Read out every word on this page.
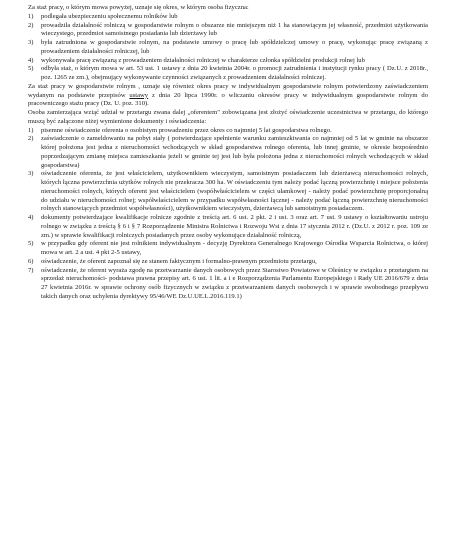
Za staż pracy, o którym mowa powyżej, uznaje się okres, w którym osoba fizyczna:

1)	podlegała ubezpieczeniu społecznemu rolników lub
2)	prowadziła działalność rolniczą w gospodarstwie rolnym o obszarze nie mniejszym niż 1 ha stanowiącym jej własność, przedmiot użytkowania wieczystego, przedmiot samoistnego posiadania lub dzierżawy lub
3)	była zatrudniona w gospodarstwie rolnym, na podstawie umowy o pracę lub spółdzielczej umowy o pracę, wykonując pracę związaną z prowadzeniem działalności rolniczej, lub
4)	wykonywała pracę związaną z prowadzeniem działalności rolniczej w charakterze członka spółdzielni produkcji rolnej lub
5)	odbyła staż, o którym mowa w art. 53 ust. 1 ustawy z dnia 20 kwietnia 2004r. o promocji zatrudnienia i instytucji rynku pracy ( Dz.U. z 2018r., poz. 1265 ze zm.), obejmujący wykonywanie czynności związanych z prowadzeniem działalności rolniczej.

Za staż pracy w gospodarstwie rolnym , uznaje się również okres pracy w indywidualnym gospodarstwie rolnym potwierdzony zaświadczeniem wydanym na podstawie przepisów ustawy z dnia 20 lipca 1990r. o wliczaniu okresów pracy w indywidualnym gospodarstwie rolnym do pracowniczego stażu pracy (Dz. U. poz. 310).

Osoba zamierzająca wziąć udział w przetargu zwana dalej „oferentem" zobowiązana jest złożyć oświadczenie uczestnictwa w przetargu, do którego muszą być załączone niżej wymienione dokumenty i oświadczenia:

1)	pisemne oświadczenie oferenta o osobistym prowadzeniu przez okres co najmniej 5 lat gospodarstwa rolnego.
2)	zaświadczenie o zameldowaniu na pobyt stały ( potwierdzające spełnienie warunku zamieszkiwania co najmniej od 5 lat w gminie na obszarze której położona jest jedna z nieruchomości wchodzących w skład gospodarstwa rolnego oferenta, lub innej gminie, w okresie bezpośrednio poprzedzającym zmianę miejsca zamieszkania jeżeli w gminie tej jest lub była położona jedna z nieruchomości rolnych wchodzących w skład gospodarstwa)
3)	oświadczenie oferenta, że jest właścicielem, użytkownikiem wieczystym, samoistnym posiadaczem lub dzierżawcą nieruchomości rolnych, których łączna powierzchnia użytków rolnych nie przekracza 300 ha. W oświadczeniu tym należy podać łączną powierzchnię i miejsce położenia nieruchomości rolnych, których oferent jest właścicielem (współwłaścicielem w części ułamkowej - należy podać powierzchnię proporcjonalną do udziału w nieruchomości rolnej; współwłaścicielem w przypadku współwłasności łącznej - należy podać łączną powierzchnię nieruchomości rolnych stanowiących przedmiot współwłasności), użytkownikiem wieczystym, dzierżawcą lub samoistnym posiadaczem.
4)	dokumenty potwierdzające kwalifikacje rolnicze zgodnie z treścią art. 6 ust. 2 pkt. 2 i ust. 3 oraz art. 7 ust. 9 ustawy o kształtowaniu ustroju rolnego w związku z treścią § 6 i § 7 Rozporządzenie Ministra Rolnictwa i Rozwoju Wsi z dnia 17 stycznia 2012 r. (Dz.U. z 2012 r. poz. 109 ze zm.) w sprawie kwalifikacji rolniczych posiadanych przez osoby wykonujące działalność rolniczą,
5)	w przypadku gdy oferent nie jest rolnikiem indywidualnym - decyzję Dyrektora Generalnego Krajowego Ośrodka Wsparcia Rolnictwa, o której mowa w art. 2 a ust. 4 pkt 2-5 ustawy,
6)	oświadczenie, że oferent zapoznał się ze stanem faktycznym i formalno-prawnym przedmiotu przetargu,
7)	oświadczenie, że oferent wyraża zgodę na przetwarzanie danych osobowych przez Starostwo Powiatowe w Oleśnicy w związku z przetargiem na sprzedaż nieruchomości- podstawa prawna przepisy art. 6 ust. 1 lit. a i e Rozporządzenia Parlamentu Europejskiego i Rady UE 2016/679 z dnia 27 kwietnia 2016r. w sprawie ochrony osób fizycznych w związku z przetwarzaniem danych osobowych i w sprawie swobodnego przepływu takich danych oraz uchylenia dyrektywy 95/46/WE Dz.U.UE.L.2016.119.1)
